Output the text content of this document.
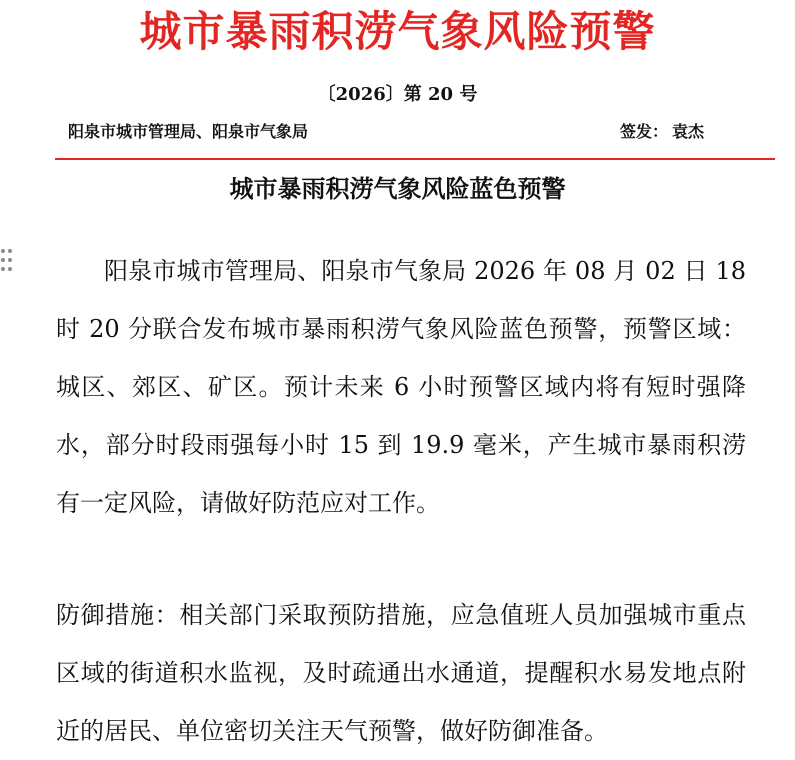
城市暴雨积涝气象风险预警
〔2026〕第 20 号
阳泉市城市管理局、阳泉市气象局	签发： 袁杰
城市暴雨积涝气象风险蓝色预警
阳泉市城市管理局、阳泉市气象局 2026 年 08 月 02 日 18 时 20 分联合发布城市暴雨积涝气象风险蓝色预警，预警区域：城区、郊区、矿区。预计未来 6 小时预警区域内将有短时强降水，部分时段雨强每小时 15 到 19.9 毫米，产生城市暴雨积涝有一定风险，请做好防范应对工作。
防御措施：相关部门采取预防措施，应急值班人员加强城市重点区域的街道积水监视，及时疏通出水通道，提醒积水易发地点附近的居民、单位密切关注天气预警，做好防御准备。
